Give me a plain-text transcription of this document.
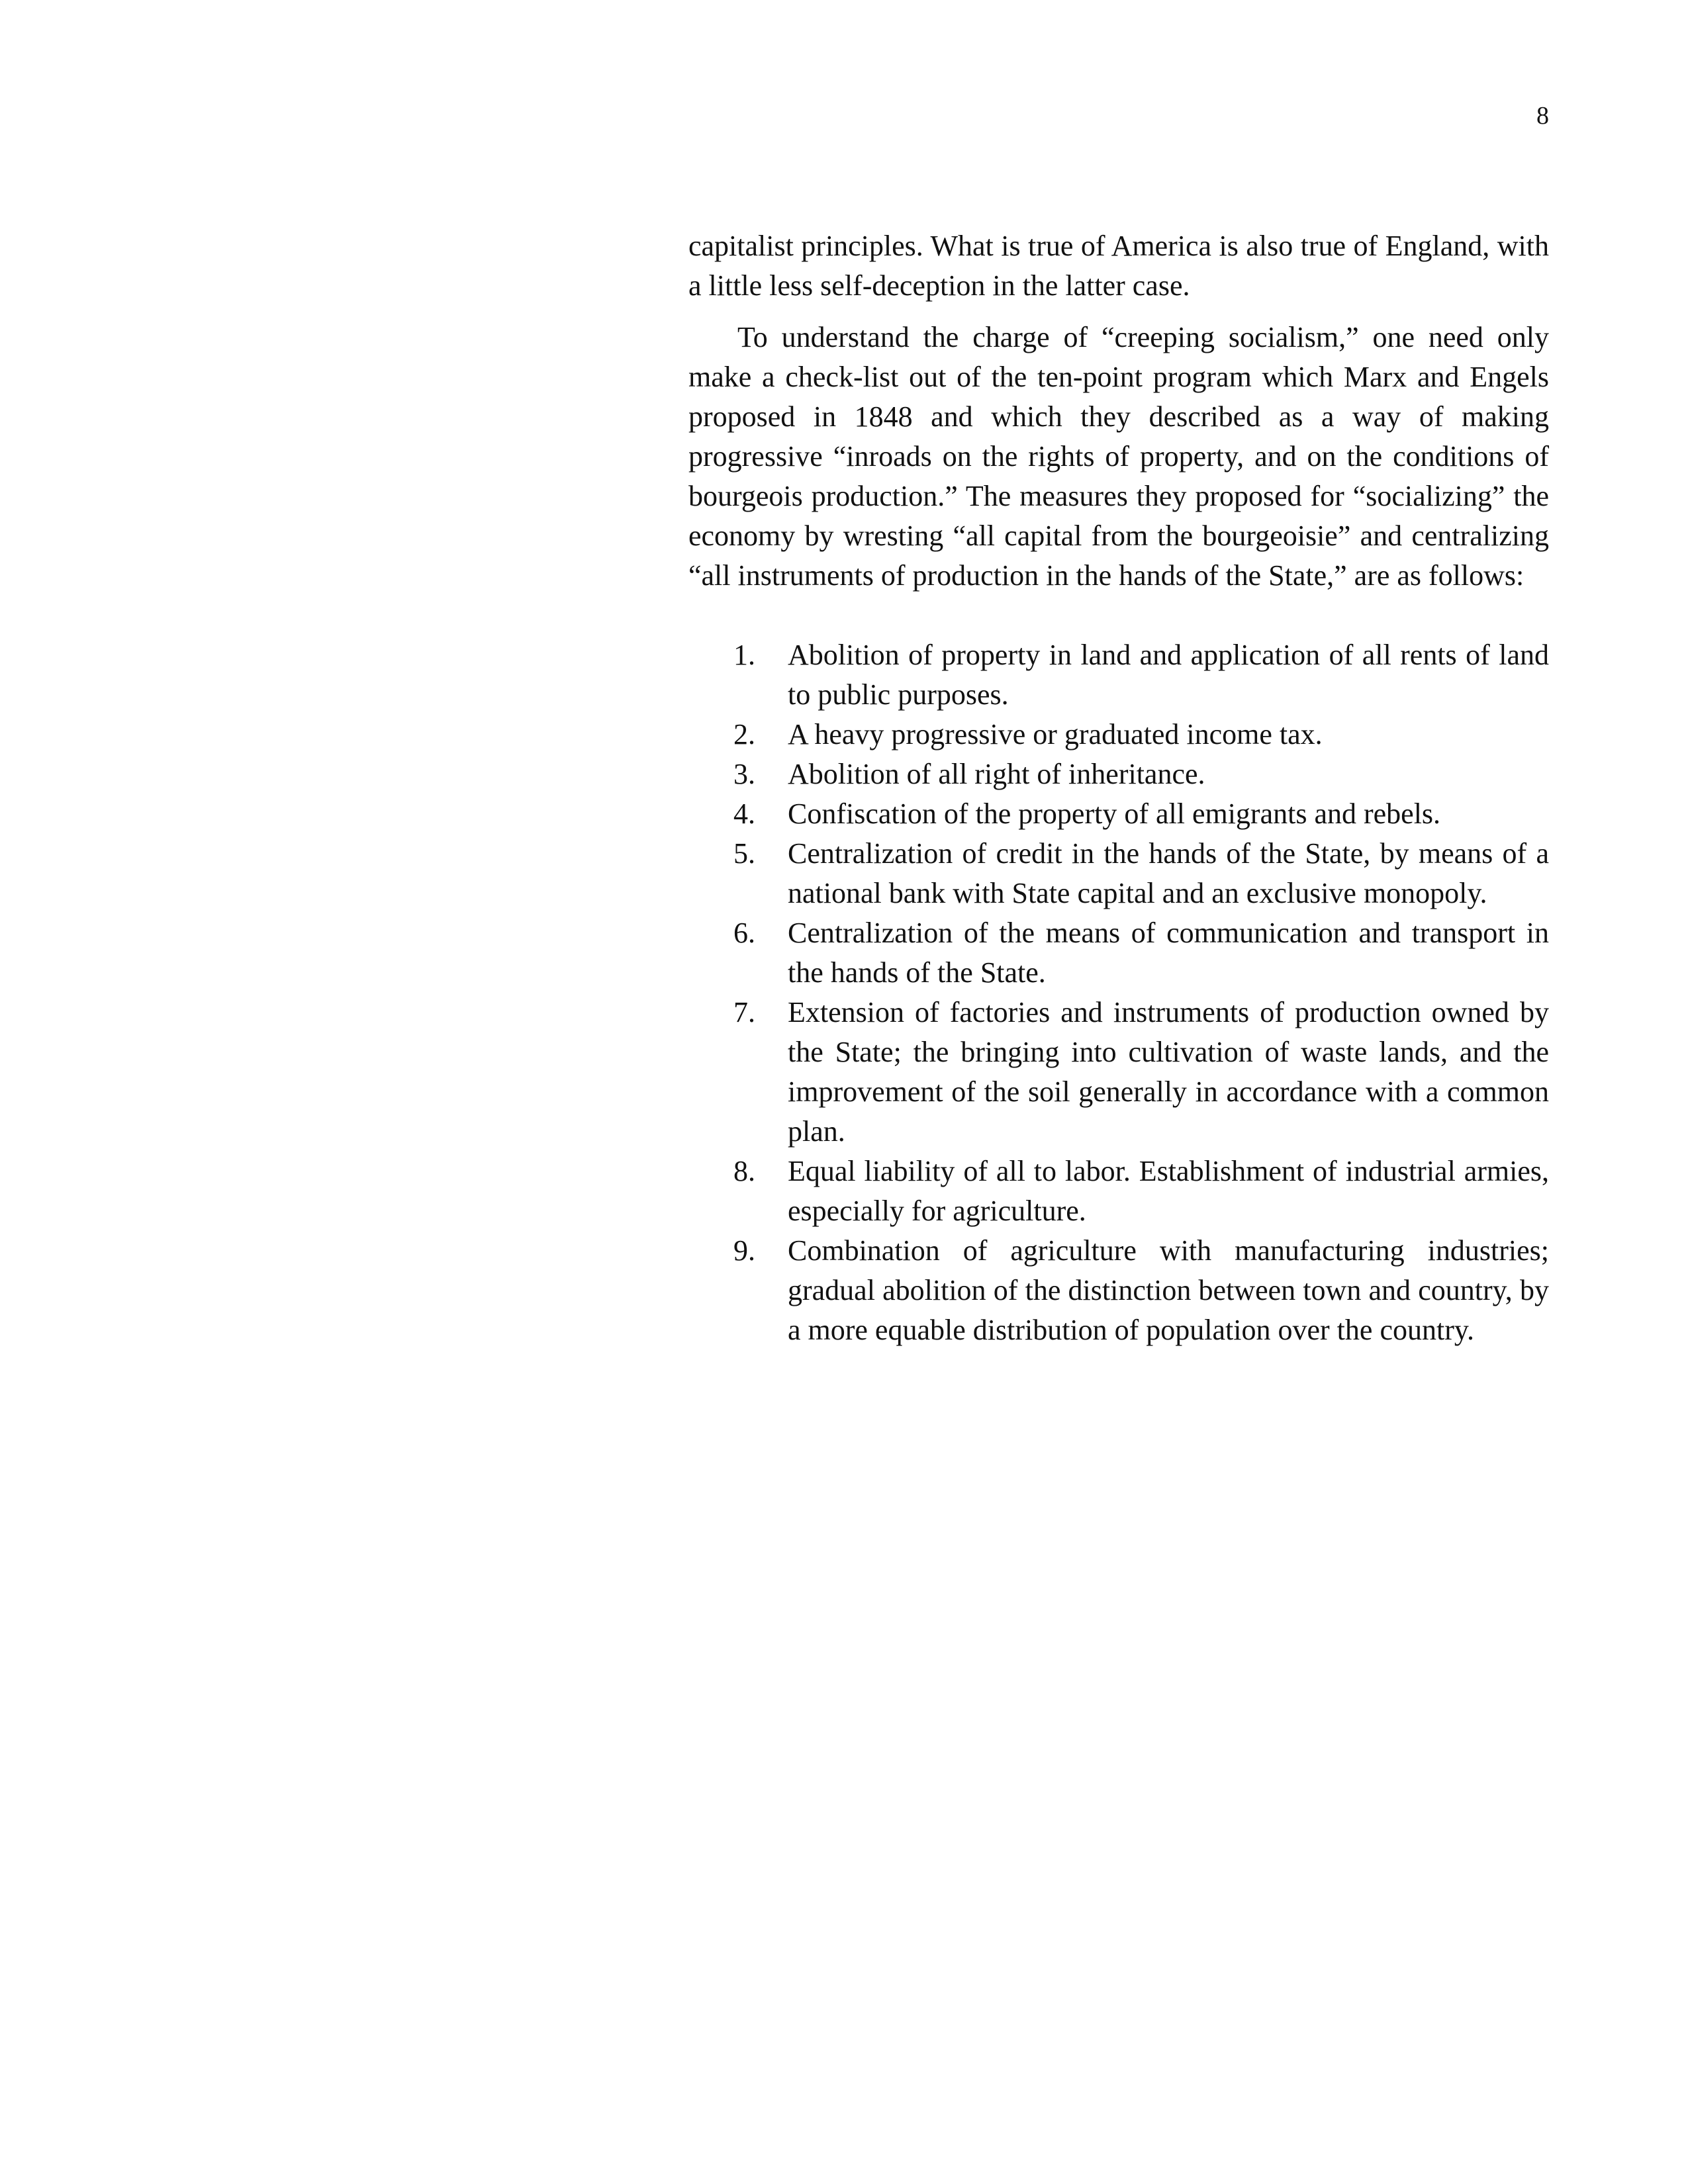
8

capitalist principles. What is true of America is also true of England, with a little less self-deception in the latter case.

To understand the charge of “creeping socialism,” one need only make a check-list out of the ten-point program which Marx and Engels proposed in 1848 and which they described as a way of making progressive “inroads on the rights of property, and on the conditions of bourgeois production.” The measures they proposed for “socializing” the economy by wresting “all capital from the bourgeoisie” and centralizing “all instruments of production in the hands of the State,” are as follows:

1.	Abolition of property in land and application of all rents of land to public purposes.
2.	A heavy progressive or graduated income tax.
3.	Abolition of all right of inheritance.
4.	Confiscation of the property of all emigrants and rebels.
5.	Centralization of credit in the hands of the State, by means of a national bank with State capital and an exclusive monopoly.
6.	Centralization of the means of communication and transport in the hands of the State.
7.	Extension of factories and instruments of production owned by the State; the bringing into cultivation of waste lands, and the improvement of the soil generally in accordance with a common plan.
8.	Equal liability of all to labor. Establishment of industrial armies, especially for agriculture.
9.	Combination of agriculture with manufacturing industries; gradual abolition of the distinction between town and country, by a more equable distribution of population over the country.
